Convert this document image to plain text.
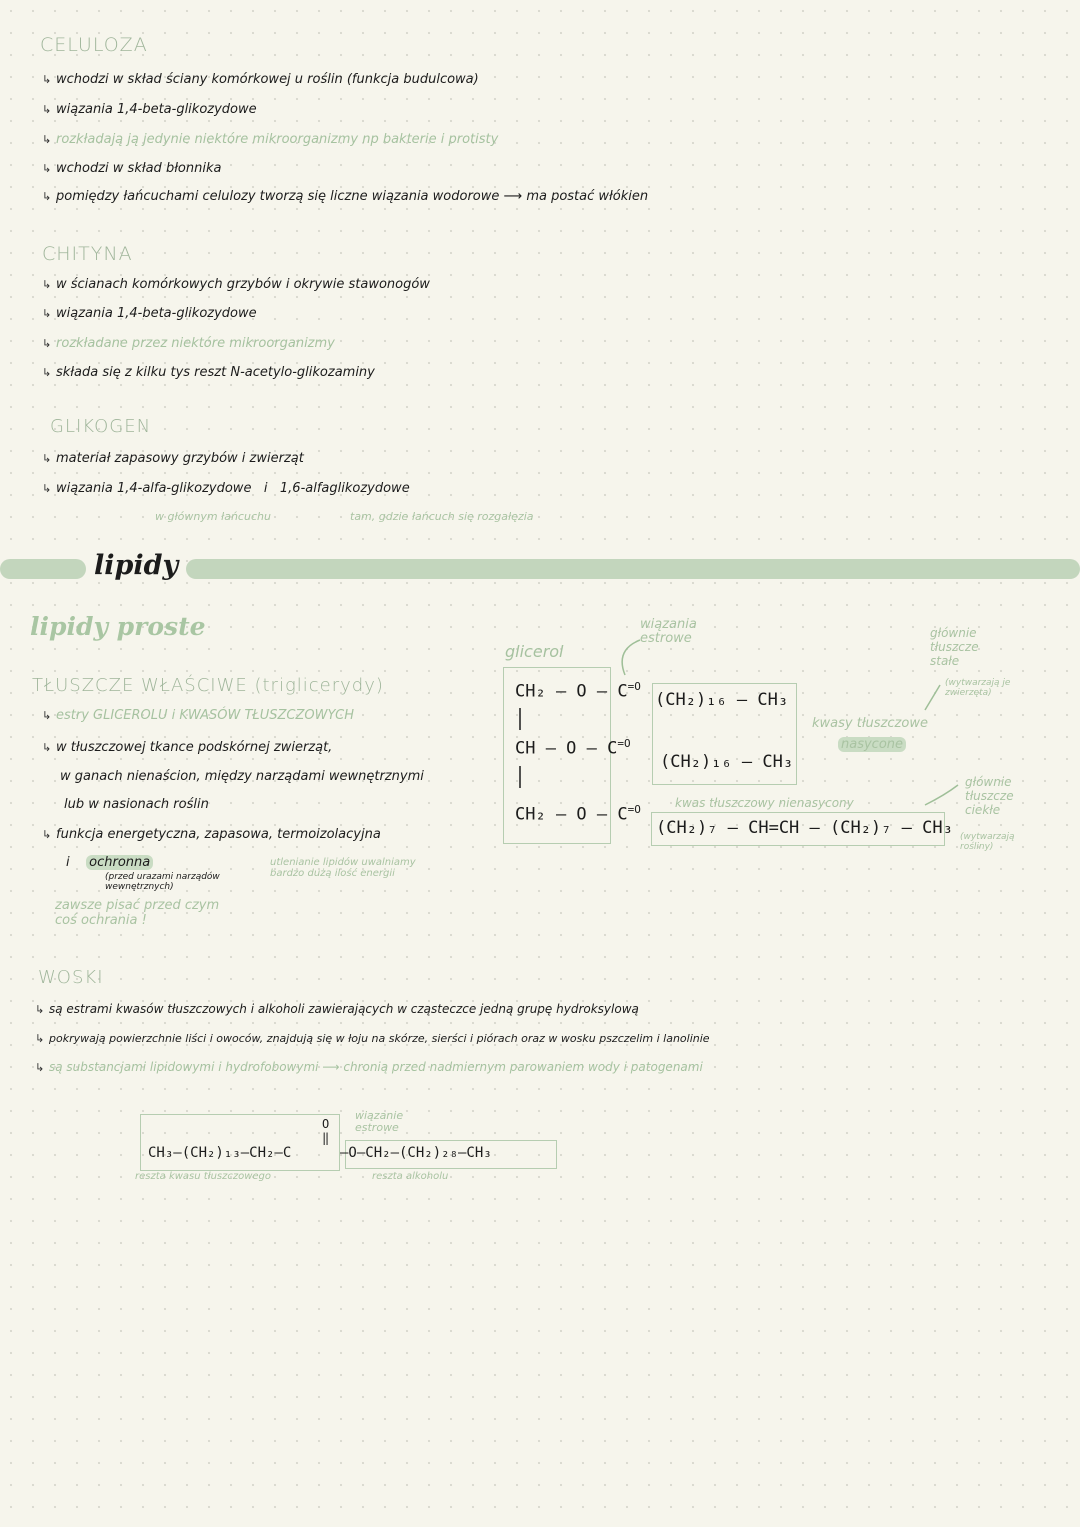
CELULOZA
↳ wchodzi w skład ściany komórkowej u roślin (funkcja budulcowa)
↳ wiązania 1,4-beta-glikozydowe
↳ rozkładają ją jedynie niektóre mikroorganizmy np bakterie i protisty
↳ wchodzi w skład błonnika
↳ pomiędzy łańcuchami celulozy tworzą się liczne wiązania wodorowe ⟶ ma postać włókien
CHITYNA
↳ w ścianach komórkowych grzybów i okrywie stawonogów
↳ wiązania 1,4-beta-glikozydowe
↳ rozkładane przez niektóre mikroorganizmy
↳ składa się z kilku tys reszt N-acetylo-glikozaminy
GLIKOGEN
↳ materiał zapasowy grzybów i zwierząt
↳ wiązania 1,4-alfa-glikozydowe i 1,6-alfaglikozydowe
w głównym łańcuchu	tam, gdzie łańcuch się rozgałęzia
lipidy
lipidy proste
TŁUSZCZE WŁAŚCIWE (triglicerydy)
↳ estry GLICEROLU i KWASÓW TŁUSZCZOWYCH
↳ w tłuszczowej tkance podskórnej zwierząt,
w ganach nienaścion, między narządami wewnętrznymi
lub w nasionach roślin
↳ funkcja energetyczna, zapasowa, termoizolacyjna
i ochronna
(przed urazami narządów wewnętrznych)
utlenianie lipidów uwalniamy bardzo dużą ilość energii
zawsze pisać przed czym coś ochrania !
glicerol
wiązania estrowe
CH₂ – O – $C^{=O}$
(CH₂)₁₆ – CH₃
CH – O – $C^{=O}$
(CH₂)₁₆ – CH₃
CH₂ – O – $C^{=O}$
(CH₂)₇ – CH=CH – (CH₂)₇ – CH₃
kwasy tłuszczowe
nasycone
głównie tłuszcze stałe
(wytwarzają je zwierzęta)
kwas tłuszczowy nienasycony
głównie tłuszcze ciekłe
(wytwarzają rośliny)
WOSKI
↳ są estrami kwasów tłuszczowych i alkoholi zawierających w cząsteczce jedną grupę hydroksylową
↳ pokrywają powierzchnie liści i owoców, znajdują się w łoju na skórze, sierści i piórach oraz w wosku pszczelim i lanolinie
↳ są substancjami lipidowymi i hydrofobowymi ⟶ chronią przed nadmiernym parowaniem wody i patogenami
wiązanie estrowe
O
‖
CH₃–(CH₂)₁₃–CH₂–C	–O–CH₂–(CH₂)₂₈–CH₃
reszta kwasu tłuszczowego	reszta alkoholu
